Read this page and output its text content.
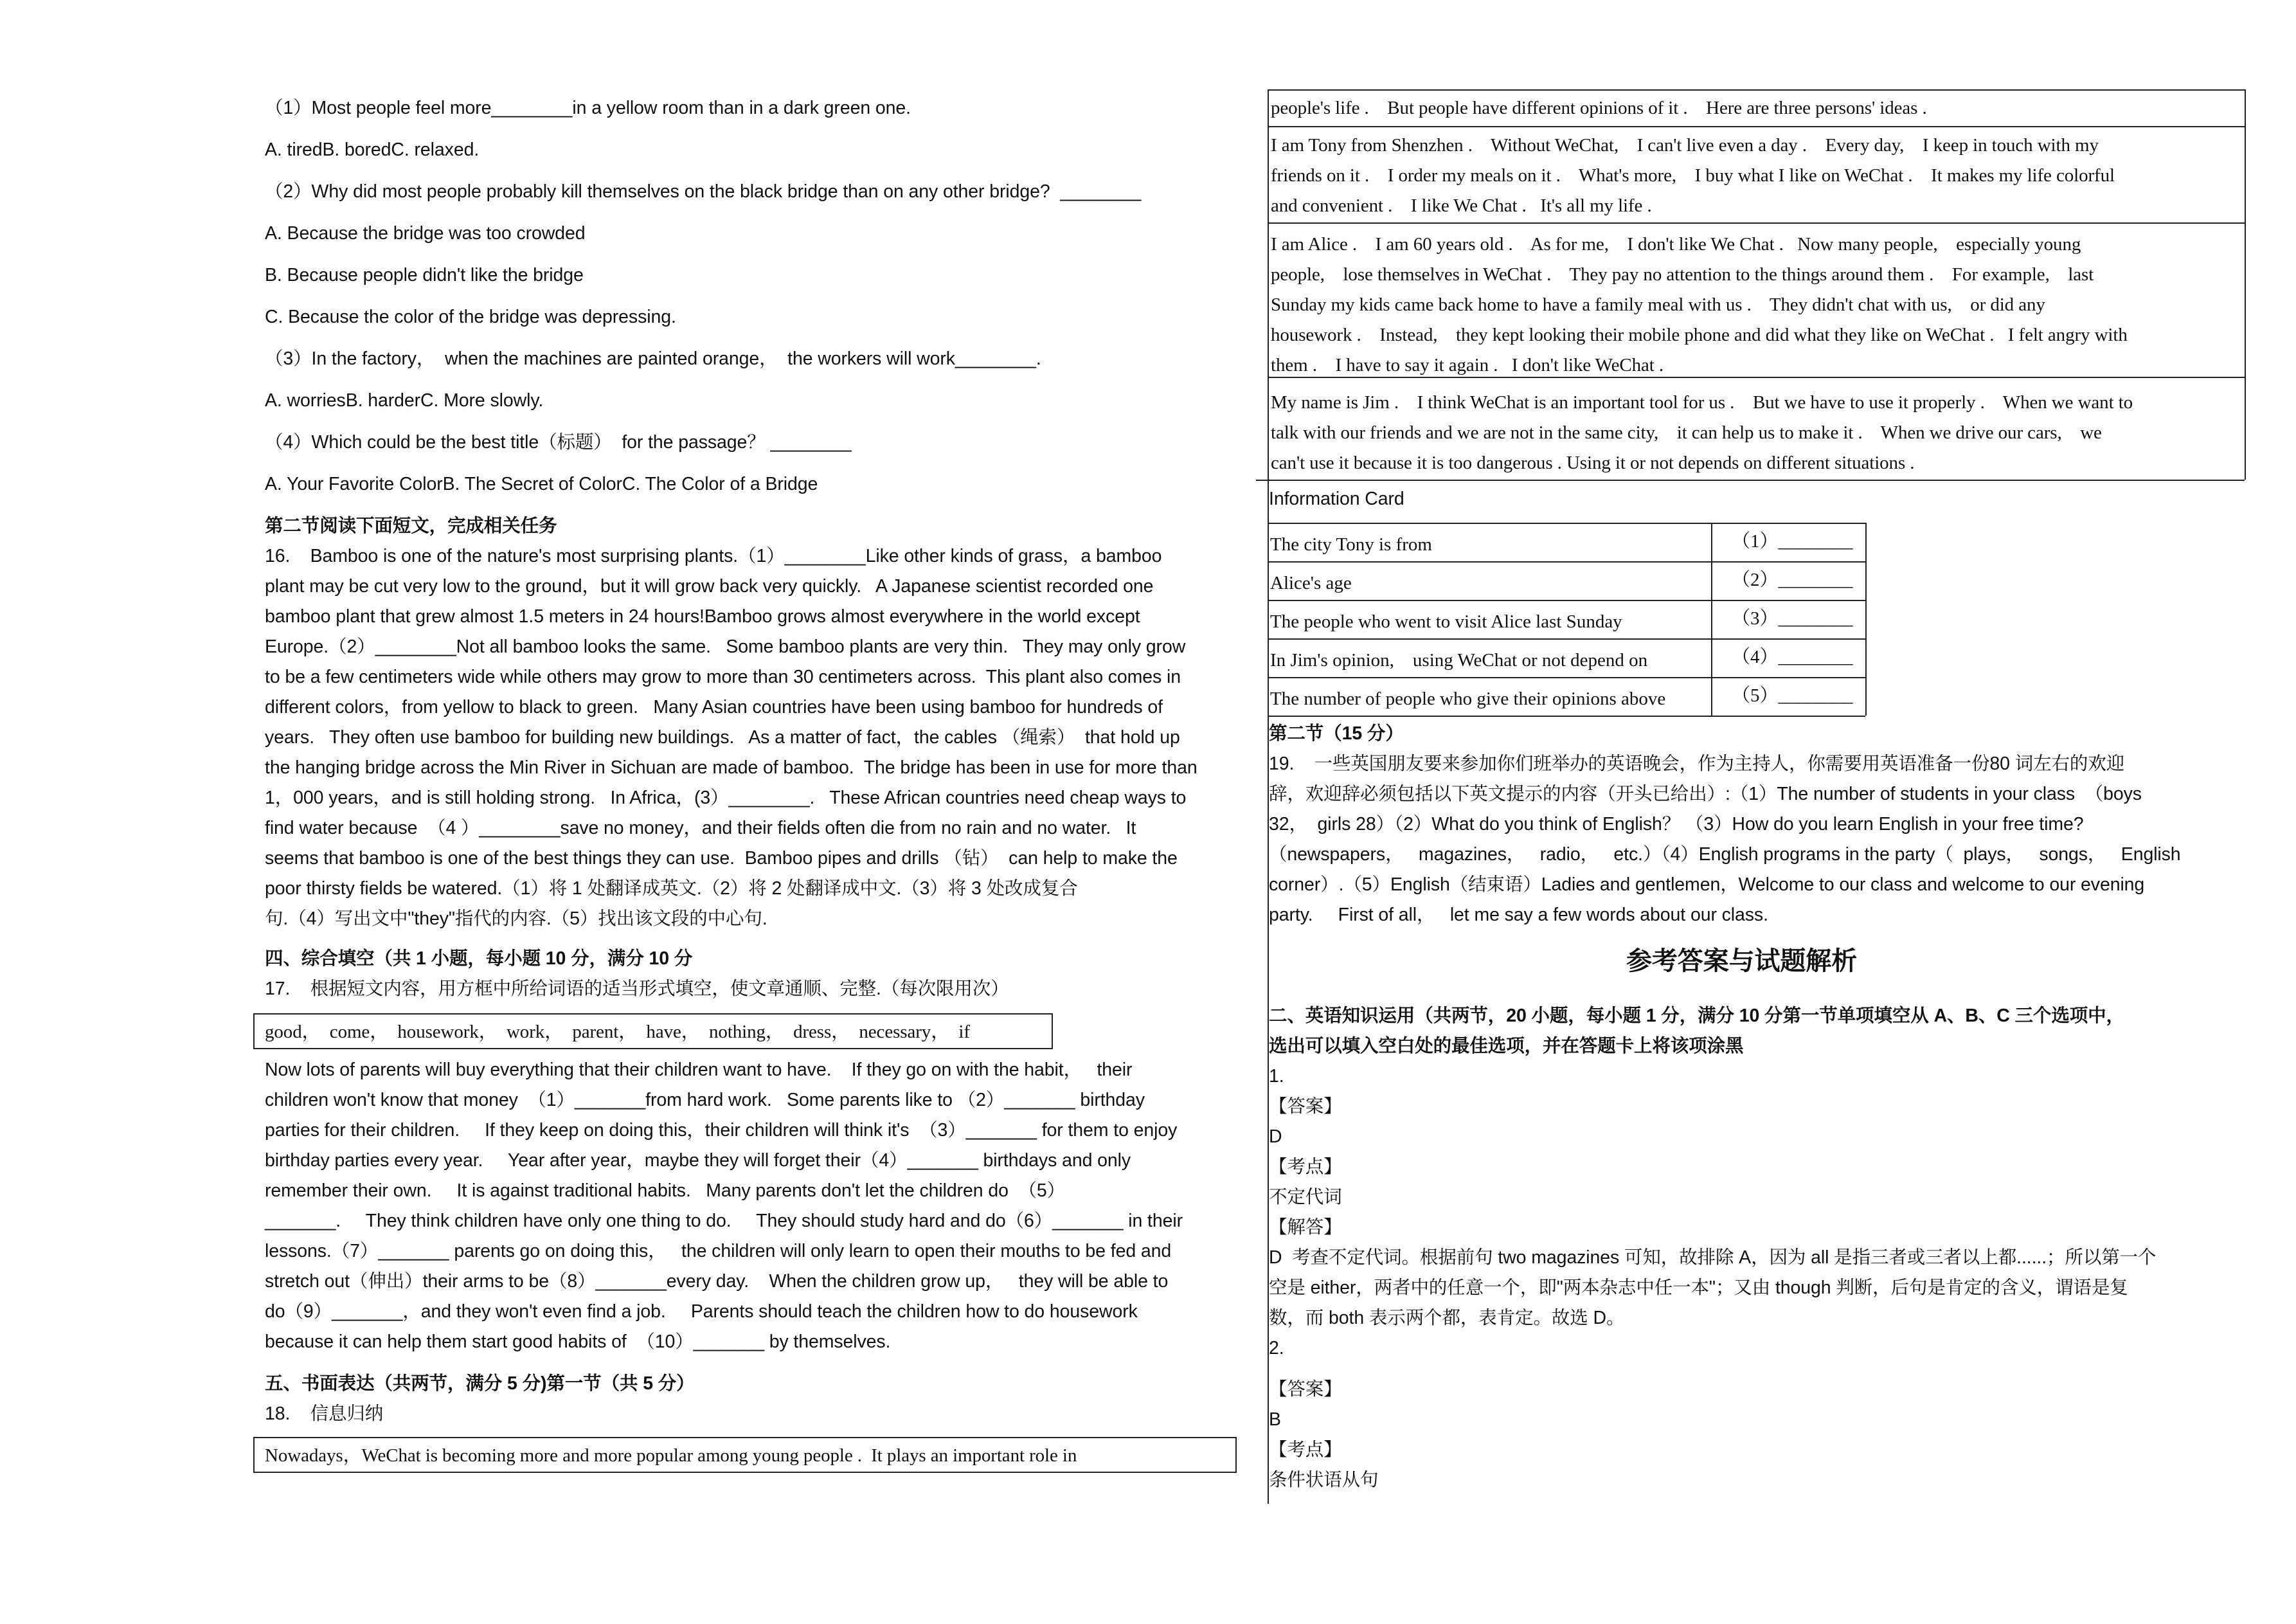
（1）Most people feel more________in a yellow room than in a dark green one.
A. tiredB. boredC. relaxed.
（2）Why did most people probably kill themselves on the black bridge than on any other bridge?  ________
A. Because the bridge was too crowded
B. Because people didn't like the bridge
C. Because the color of the bridge was depressing.
（3）In the factory，  when the machines are painted orange，  the workers will work________.
A. worriesB. harderC. More slowly.
（4）Which could be the best title（标题）  for the passage？ ________
A. Your Favorite ColorB. The Secret of ColorC. The Color of a Bridge
第二节阅读下面短文，完成相关任务
16.    Bamboo is one of the nature's most surprising plants.（1）________Like other kinds of grass，a bamboo
plant may be cut very low to the ground，but it will grow back very quickly.   A Japanese scientist recorded one
bamboo plant that grew almost 1.5 meters in 24 hours!Bamboo grows almost everywhere in the world except
Europe.（2）________Not all bamboo looks the same.   Some bamboo plants are very thin.   They may only grow
to be a few centimeters wide while others may grow to more than 30 centimeters across.  This plant also comes in
different colors，from yellow to black to green.   Many Asian countries have been using bamboo for hundreds of
years.   They often use bamboo for building new buildings.   As a matter of fact，the cables （绳索）  that hold up
the hanging bridge across the Min River in Sichuan are made of bamboo.  The bridge has been in use for more than
1，000 years，and is still holding strong.   In Africa，(3）________.   These African countries need cheap ways to
find water because  （4 ）________save no money，and their fields often die from no rain and no water.   It
seems that bamboo is one of the best things they can use.  Bamboo pipes and drills （钻）  can help to make the
poor thirsty fields be watered.（1）将 1 处翻译成英文.（2）将 2 处翻译成中文.（3）将 3 处改成复合
句.（4）写出文中"they"指代的内容.（5）找出该文段的中心句.
四、综合填空（共 1 小题，每小题 10 分，满分 10 分
17.    根据短文内容，用方框中所给词语的适当形式填空，使文章通顺、完整.（每次限用次）
good，  come，  housework，  work，  parent，  have，  nothing，  dress，  necessary，  if
Now lots of parents will buy everything that their children want to have.    If they go on with the habit，   their
children won't know that money  （1）_______from hard work.   Some parents like to （2）_______ birthday
parties for their children.     If they keep on doing this，their children will think it's  （3）_______ for them to enjoy
birthday parties every year.     Year after year，maybe they will forget their（4）_______ birthdays and only
remember their own.     It is against traditional habits.   Many parents don't let the children do  （5）
_______.     They think children have only one thing to do.     They should study hard and do（6）_______ in their
lessons.（7）_______ parents go on doing this，   the children will only learn to open their mouths to be fed and
stretch out（伸出）their arms to be（8）_______every day.    When the children grow up，   they will be able to
do（9）_______，and they won't even find a job.     Parents should teach the children how to do housework
because it can help them start good habits of  （10）_______ by themselves.
五、书面表达（共两节，满分 5 分)第一节（共 5 分）
18.    信息归纳
Nowadays，WeChat is becoming more and more popular among young people .  It plays an important role in
people's life .    But people have different opinions of it .    Here are three persons' ideas .
I am Tony from Shenzhen .    Without WeChat,    I can't live even a day .    Every day,    I keep in touch with my
friends on it .    I order my meals on it .    What's more,    I buy what I like on WeChat .    It makes my life colorful
and convenient .    I like We Chat .   It's all my life .
I am Alice .    I am 60 years old .    As for me,    I don't like We Chat .   Now many people,    especially young
people,    lose themselves in WeChat .    They pay no attention to the things around them .    For example,    last
Sunday my kids came back home to have a family meal with us .    They didn't chat with us,    or did any
housework .    Instead,    they kept looking their mobile phone and did what they like on WeChat .   I felt angry with
them .    I have to say it again .   I don't like WeChat .
My name is Jim .    I think WeChat is an important tool for us .    But we have to use it properly .    When we want to
talk with our friends and we are not in the same city,    it can help us to make it .    When we drive our cars,    we
can't use it because it is too dangerous . Using it or not depends on different situations .
Information Card
The city Tony is from	（1）________
Alice's age	（2）________
The people who went to visit Alice last Sunday	（3）________
In Jim's opinion,    using WeChat or not depend on	（4）________
The number of people who give their opinions above	（5）________
第二节（15 分）
19.    一些英国朋友要来参加你们班举办的英语晚会，作为主持人，你需要用英语准备一份80 词左右的欢迎
辞，欢迎辞必须包括以下英文提示的内容（开头已给出）:（1）The number of students in your class  （boys
32，  girls 28）（2）What do you think of English？ （3）How do you learn English in your free time?
（newspapers，   magazines，   radio，   etc.）（4）English programs in the party（  plays，   songs，   English
corner）.（5）English（结束语）Ladies and gentlemen，Welcome to our class and welcome to our evening
party.     First of all，   let me say a few words about our class.
参考答案与试题解析
二、英语知识运用（共两节，20 小题，每小题 1 分，满分 10 分第一节单项填空从 A、B、C 三个选项中，
选出可以填入空白处的最佳选项，并在答题卡上将该项涂黑
1.
【答案】
D
【考点】
不定代词
【解答】
D  考查不定代词。根据前句 two magazines 可知，故排除 A，因为 all 是指三者或三者以上都......；所以第一个
空是 either，两者中的任意一个，即"两本杂志中任一本"；又由 though 判断，后句是肯定的含义，谓语是复
数，而 both 表示两个都，表肯定。故选 D。
2.
【答案】
B
【考点】
条件状语从句
